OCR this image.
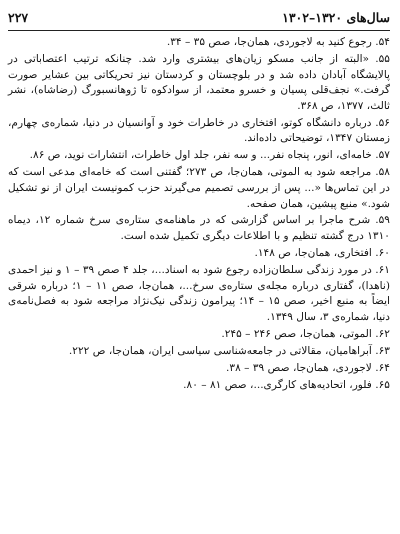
سال‌های ۱۳۲۰–۱۳۰۲
۲۲۷

۵۴. رجوع کنید به لاجوردی، همان‌جا، صص ۳۵ – ۳۴.

۵۵. «البته از جانب مسکو زیان‌های بیشتری وارد شد. چنانکه ترتیب اعتصاباتی در پالایشگاه آبادان داده شد و در بلوچستان و کردستان نیز تحریکاتی بین عشایر صورت گرفت.» نجف‌قلی پسیان و خسرو معتمد، از سوادکوه تا ژوهانسبورگ (رضاشاه)، نشر ثالث، ۱۳۷۷، ص ۳۶۸.

۵۶. درباره دانشگاه کوتو، افتخاری در خاطرات خود و آوانسیان در دنیا، شماره‌ی چهارم، زمستان ۱۳۴۷، توضیحاتی داده‌اند.

۵۷. خامه‌ای، انور، پنجاه نفر... و سه نفر، جلد اول خاطرات، انتشارات نوید، ص ۸۶.

۵۸. مراجعه شود به الموتی، همان‌جا، ص ۲۷۳؛ گفتنی است که خامه‌ای مدعی است که در این تماس‌ها «... پس از بررسی تصمیم می‌گیرند حزب کمونیست ایران از نو تشکیل شود.» منبع پیشین، همان صفحه.

۵۹. شرح ماجرا بر اساس گزارشی که در ماهنامه‌ی ستاره‌ی سرخ شماره ۱۲، دیماه ۱۳۱۰ درج گشته تنظیم و با اطلاعات دیگری تکمیل شده است.

۶۰. افتخاری، همان‌جا، ص ۱۴۸.

۶۱. در مورد زندگی سلطان‌زاده رجوع شود به اسناد...، جلد ۴ صص ۳۹ – ۱ و نیز احمدی (ناهدا)، گفتاری درباره مجله‌ی ستاره‌ی سرخ...، همان‌جا، صص ۱۱ – ۱؛ درباره شرقی ایضاً به منبع اخیر، صص ۱۵ – ۱۴؛ پیرامون زندگی نیک‌نژاد مراجعه شود به فصل‌نامه‌ی دنیا، شماره‌ی ۳، سال ۱۳۴۹.

۶۲. الموتی، همان‌جا، صص ۲۴۶ – ۲۴۵.

۶۳. آبراهامیان، مقالاتی در جامعه‌شناسی سیاسی ایران، همان‌جا، ص ۲۲۲.

۶۴. لاجوردی، همان‌جا، صص ۳۹ – ۳۸.

۶۵. فلور، اتحادیه‌های کارگری...، صص ۸۱ – ۸۰.
